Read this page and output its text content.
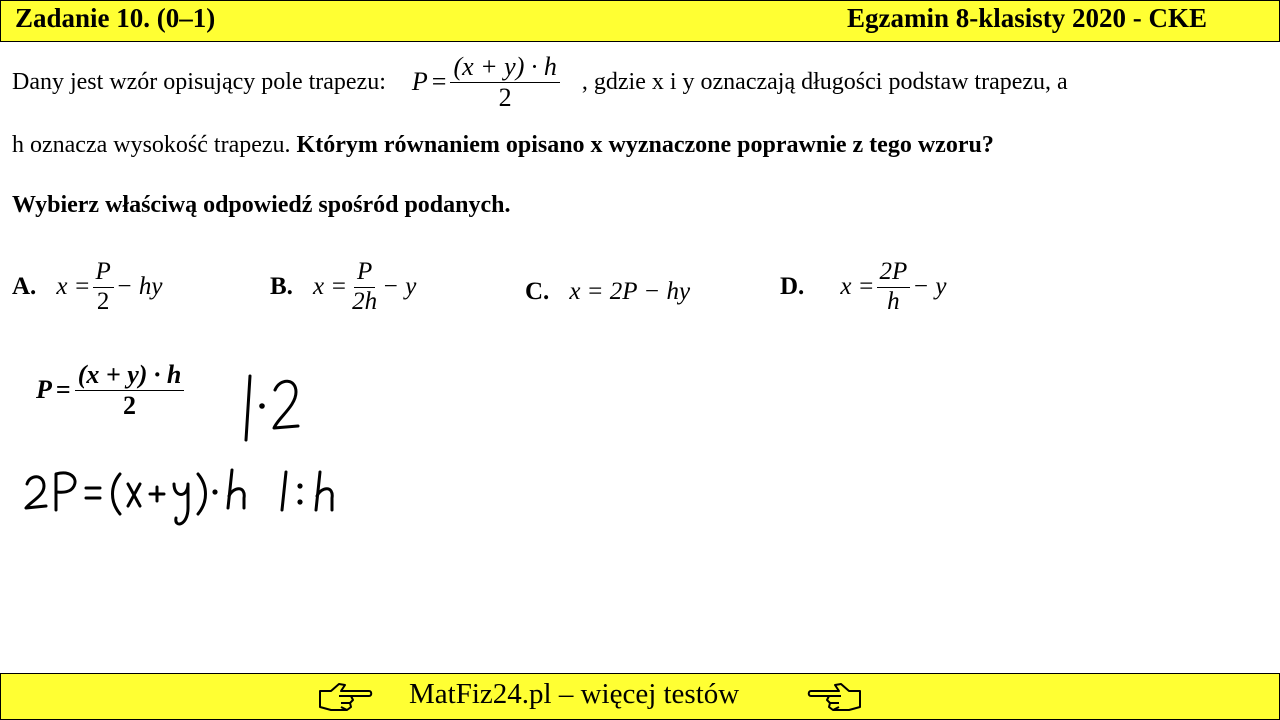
Zadanie 10. (0–1)	Egzamin 8-klasisty 2020 - CKE
Dany jest wzór opisujący pole trapezu: $P = \frac{(x + y) \cdot h}{2}$ , gdzie x i y oznaczają długości podstaw trapezu, a
h oznacza wysokość trapezu. Którym równaniem opisano x wyznaczone poprawnie z tego wzoru?
Wybierz właściwą odpowiedź spośród podanych.
A. $x = \frac{P}{2}$ − hy	B. $x = \frac{P}{2h} - y$	C. x = 2P − hy	D. $x = \frac{2P}{h} - y$
$P = \frac{(x + y) \cdot h}{2}$
MatFiz24.pl – więcej testów
